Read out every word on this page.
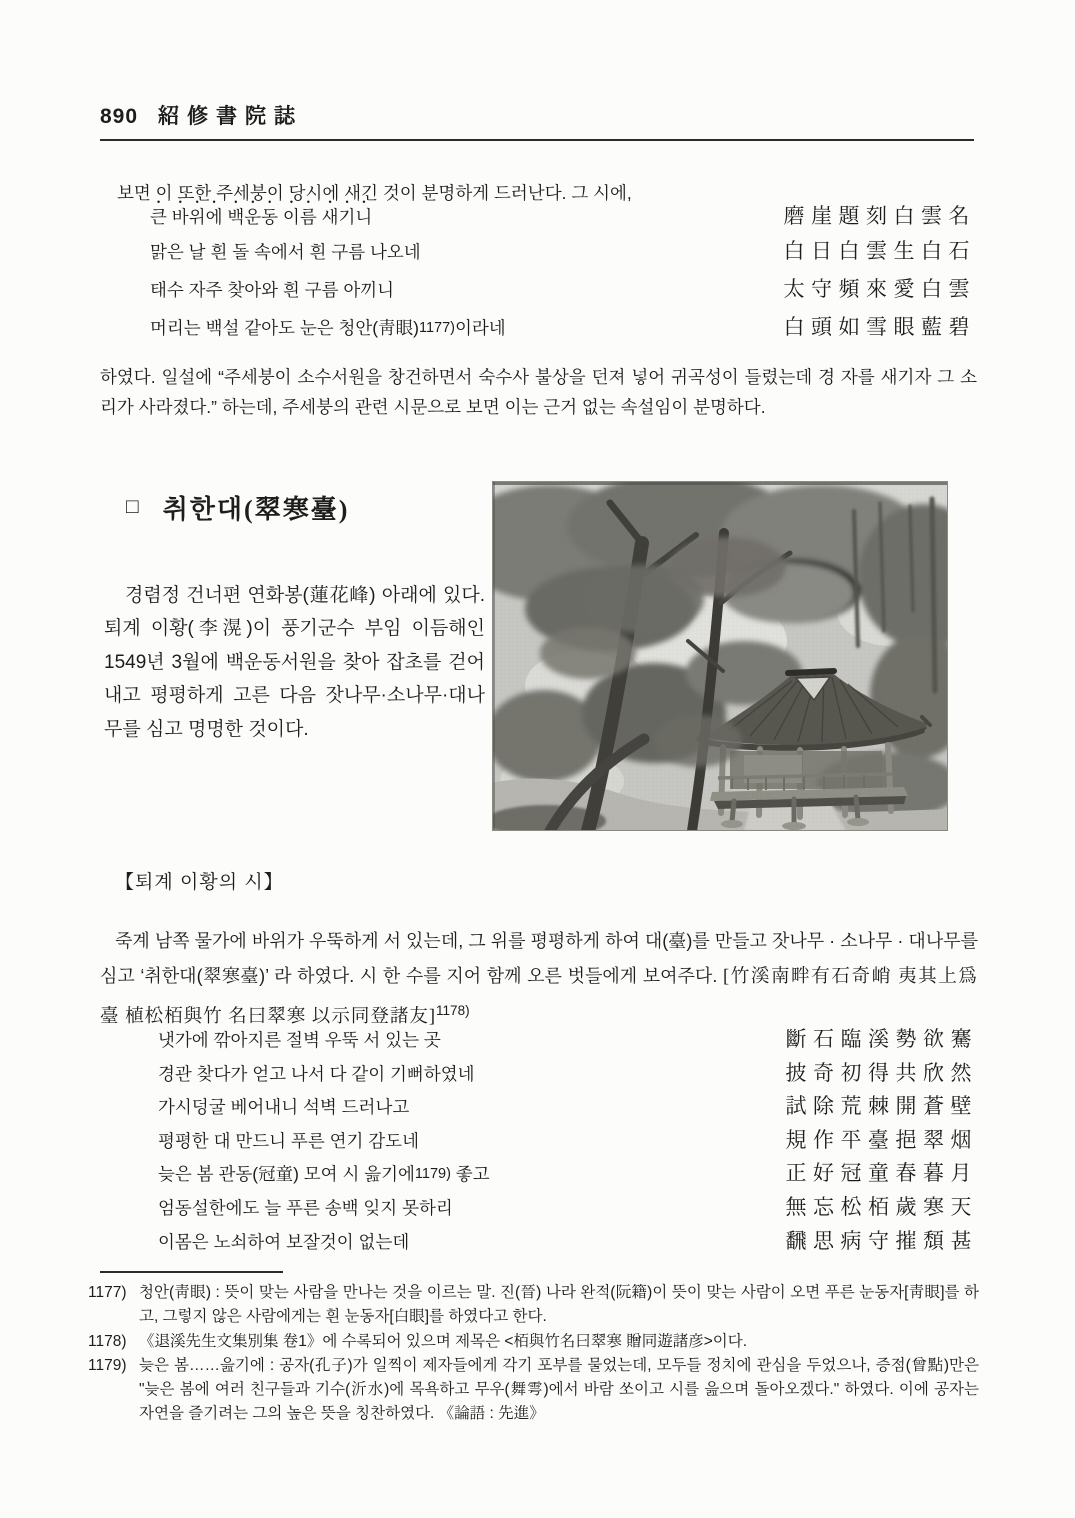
890 紹修書院誌

보면 이 또한 주세붕이 당시에 새긴 것이 분명하게 드러난다. 그 시에,

큰 바위에 백운동 이름 새기니	磨崖題刻白雲名
맑은 날 흰 돌 속에서 흰 구름 나오네	白日白雲生白石
태수 자주 찾아와 흰 구름 아끼니	太守頻來愛白雲
머리는 백설 같아도 눈은 청안(靑眼)1177)이라네	白頭如雪眼藍碧

하였다. 일설에 “주세붕이 소수서원을 창건하면서 숙수사 불상을 던져 넣어 귀곡성이 들렸는데 경 자를 새기자 그 소리가 사라졌다.” 하는데, 주세붕의 관련 시문으로 보면 이는 근거 없는 속설임이 분명하다.

□ 취한대(翠寒臺)

경렴정 건너편 연화봉(蓮花峰) 아래에 있다. 퇴계 이황(李滉)이 풍기군수 부임 이듬해인 1549년 3월에 백운동서원을 찾아 잡초를 걷어내고 평평하게 고른 다음 잣나무·소나무·대나무를 심고 명명한 것이다.

【퇴계 이황의 시】

죽계 남쪽 물가에 바위가 우뚝하게 서 있는데, 그 위를 평평하게 하여 대(臺)를 만들고 잣나무 · 소나무 · 대나무를 심고 ‘취한대(翠寒臺)’ 라 하였다. 시 한 수를 지어 함께 오른 벗들에게 보여주다. [竹溪南畔有石奇峭 夷其上爲臺 植松栢與竹 名曰翠寒 以示同登諸友]$^{1178)}$

냇가에 깎아지른 절벽 우뚝 서 있는 곳	斷石臨溪勢欲騫
경관 찾다가 얻고 나서 다 같이 기뻐하였네	披奇初得共欣然
가시덩굴 베어내니 석벽 드러나고	試除荒棘開蒼壁
평평한 대 만드니 푸른 연기 감도네	規作平臺挹翠烟
늦은 봄 관동(冠童) 모여 시 읊기에1179) 좋고	正好冠童春暮月
엄동설한에도 늘 푸른 송백 잊지 못하리	無忘松栢歲寒天
이몸은 노쇠하여 보잘것이 없는데	飜思病守摧頹甚
1177) 청안(靑眼) : 뜻이 맞는 사람을 만나는 것을 이르는 말. 진(晉) 나라 완적(阮籍)이 뜻이 맞는 사람이 오면 푸른 눈동자[靑眼]를 하고, 그렇지 않은 사람에게는 흰 눈동자[白眼]를 하였다고 한다.
1178) 《退溪先生文集別集 卷1》에 수록되어 있으며 제목은 <栢與竹名曰翠寒 贈同遊諸彦>이다.
1179) 늦은 봄……읊기에 : 공자(孔子)가 일찍이 제자들에게 각기 포부를 물었는데, 모두들 정치에 관심을 두었으나, 증점(曾點)만은 "늦은 봄에 여러 친구들과 기수(沂水)에 목욕하고 무우(舞雩)에서 바람 쏘이고 시를 읊으며 돌아오겠다." 하였다. 이에 공자는 자연을 즐기려는 그의 높은 뜻을 칭찬하였다. 《論語 : 先進》
